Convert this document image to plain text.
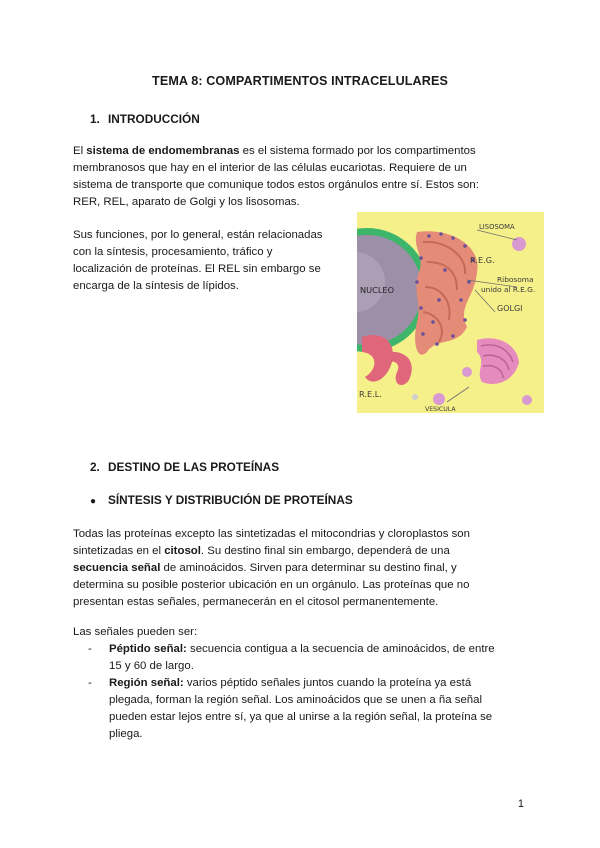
TEMA 8: COMPARTIMENTOS INTRACELULARES
1. INTRODUCCIÓN

El sistema de endomembranas es el sistema formado por los compartimentos

membranosos que hay en el interior de las células eucariotas. Requiere de un

sistema de transporte que comunique todos estos orgánulos entre sí. Estos son:

RER, REL, aparato de Golgi y los lisosomas.

Sus funciones, por lo general, están relacionadas

con la síntesis, procesamiento, tráfico y

localización de proteínas. El REL sin embargo se

encarga de la síntesis de lípidos.

LISOSOMA
R.E.G.
NUCLEO
Ribosoma
unido al R.E.G.
GOLGI
R.E.L.
VESICULA
2. DESTINO DE LAS PROTEÍNAS
● SÍNTESIS Y DISTRIBUCIÓN DE PROTEÍNAS

Todas las proteínas excepto las sintetizadas el mitocondrias y cloroplastos son

sintetizadas en el citosol. Su destino final sin embargo, dependerá de una

secuencia señal de aminoácidos. Sirven para determinar su destino final, y

determina su posible posterior ubicación en un orgánulo. Las proteínas que no

presentan estas señales, permanecerán en el citosol permanentemente.

Las señales pueden ser:
- Péptido señal: secuencia contigua a la secuencia de aminoácidos, de entre
15 y 60 de largo.
- Región señal: varios péptido señales juntos cuando la proteína ya está
plegada, forman la región señal. Los aminoácidos que se unen a ña señal
pueden estar lejos entre sí, ya que al unirse a la región señal, la proteína se
pliega.
1
